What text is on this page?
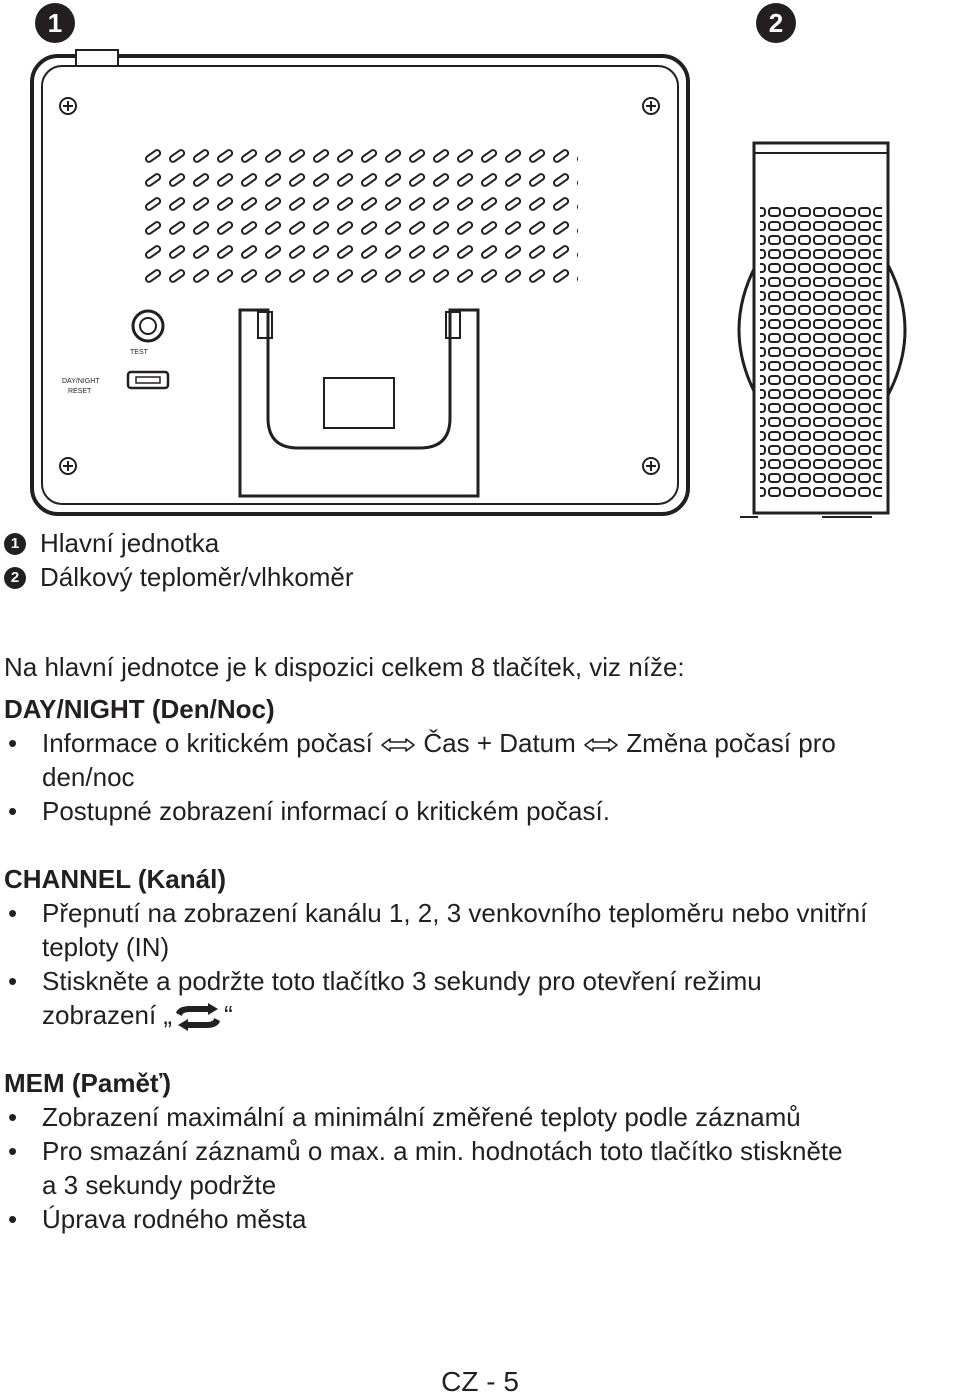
1	2
TEST
DAY/NIGHT
RESET
1 Hlavní jednotka
2 Dálkový teploměr/vlhkoměr
Na hlavní jednotce je k dispozici celkem 8 tlačítek, viz níže:
DAY/NIGHT (Den/Noc)
• Informace o kritickém počasí Čas + Datum Změna počasí pro
den/noc
• Postupné zobrazení informací o kritickém počasí.
CHANNEL (Kanál)
• Přepnutí na zobrazení kanálu 1, 2, 3 venkovního teploměru nebo vnitřní
teploty (IN)
• Stiskněte a podržte toto tlačítko 3 sekundy pro otevření režimu
zobrazení „ “
MEM (Paměť)
• Zobrazení maximální a minimální změřené teploty podle záznamů
• Pro smazání záznamů o max. a min. hodnotách toto tlačítko stiskněte
a 3 sekundy podržte
• Úprava rodného města
CZ - 5
